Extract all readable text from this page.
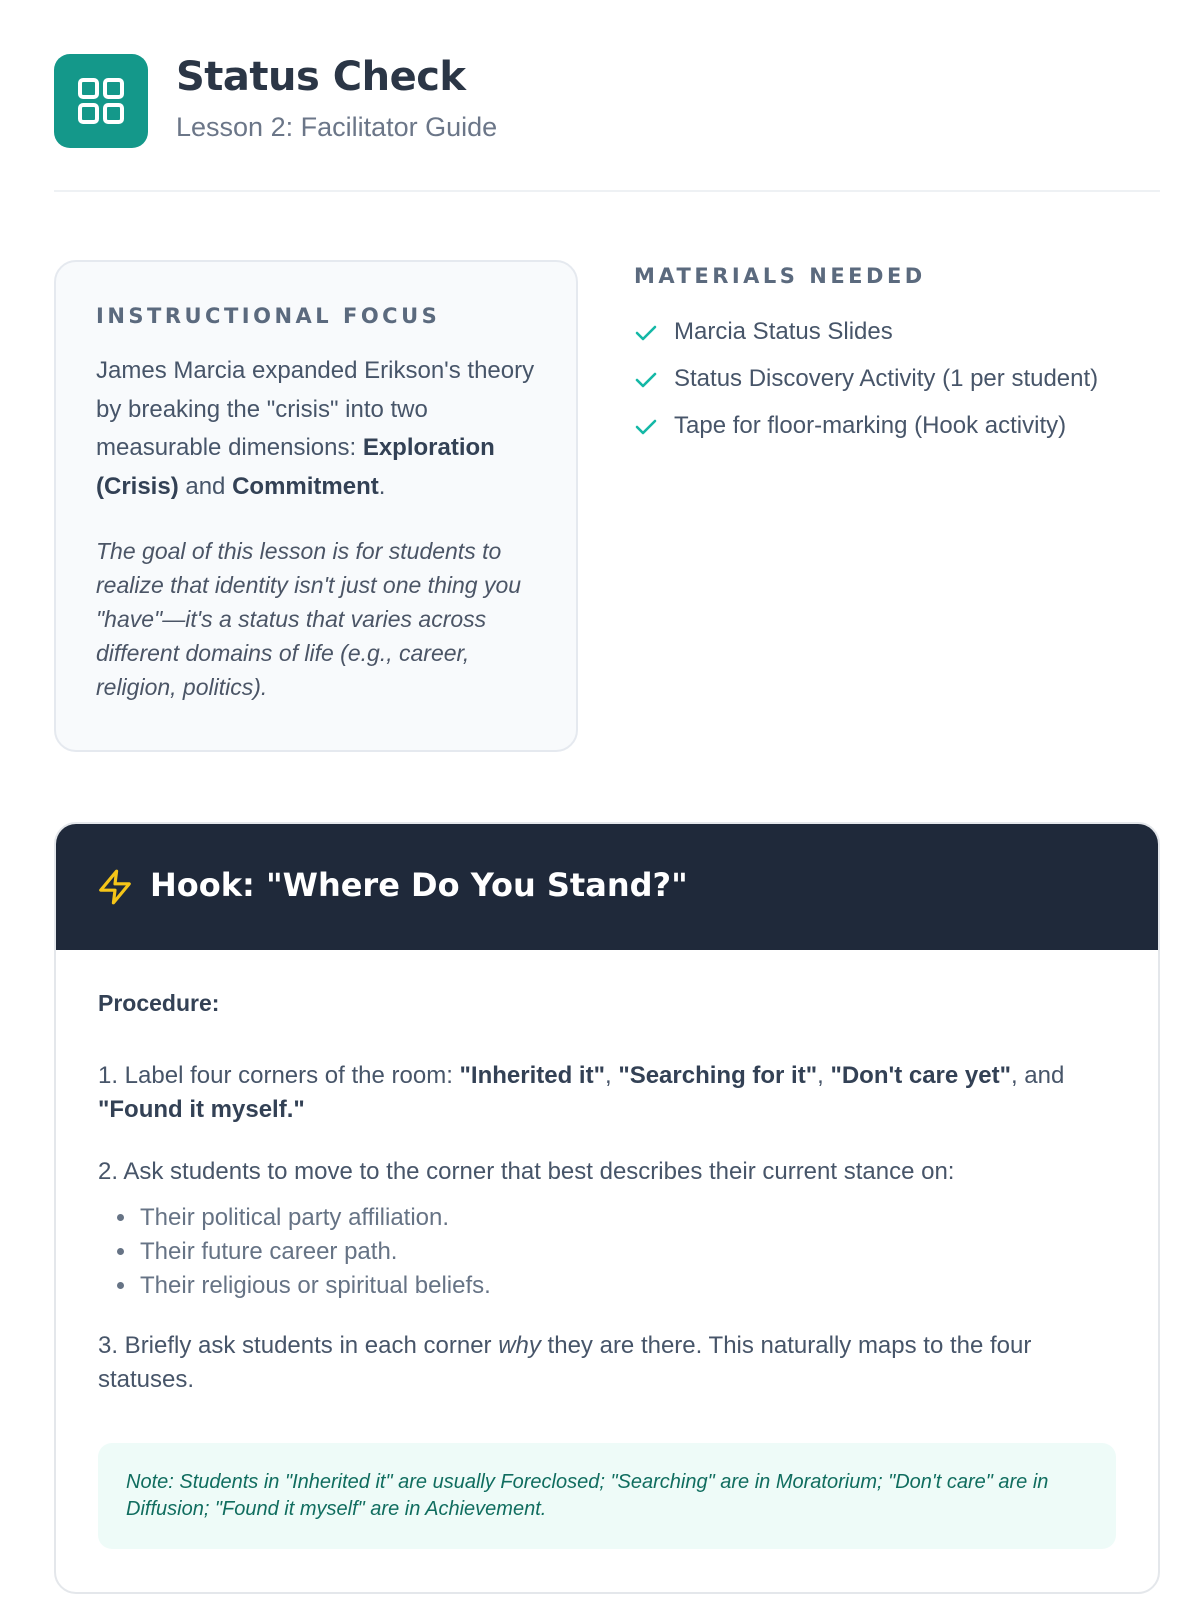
Status Check
Lesson 2: Facilitator Guide
INSTRUCTIONAL FOCUS
James Marcia expanded Erikson's theory by breaking the "crisis" into two measurable dimensions: Exploration (Crisis) and Commitment.
The goal of this lesson is for students to realize that identity isn't just one thing you "have"—it's a status that varies across different domains of life (e.g., career, religion, politics).
MATERIALS NEEDED
Marcia Status Slides
Status Discovery Activity (1 per student)
Tape for floor-marking (Hook activity)
Hook: "Where Do You Stand?"
Procedure:
1. Label four corners of the room: "Inherited it", "Searching for it", "Don't care yet", and "Found it myself."
2. Ask students to move to the corner that best describes their current stance on:
• Their political party affiliation.
• Their future career path.
• Their religious or spiritual beliefs.
3. Briefly ask students in each corner why they are there. This naturally maps to the four statuses.
Note: Students in "Inherited it" are usually Foreclosed; "Searching" are in Moratorium; "Don't care" are in Diffusion; "Found it myself" are in Achievement.
